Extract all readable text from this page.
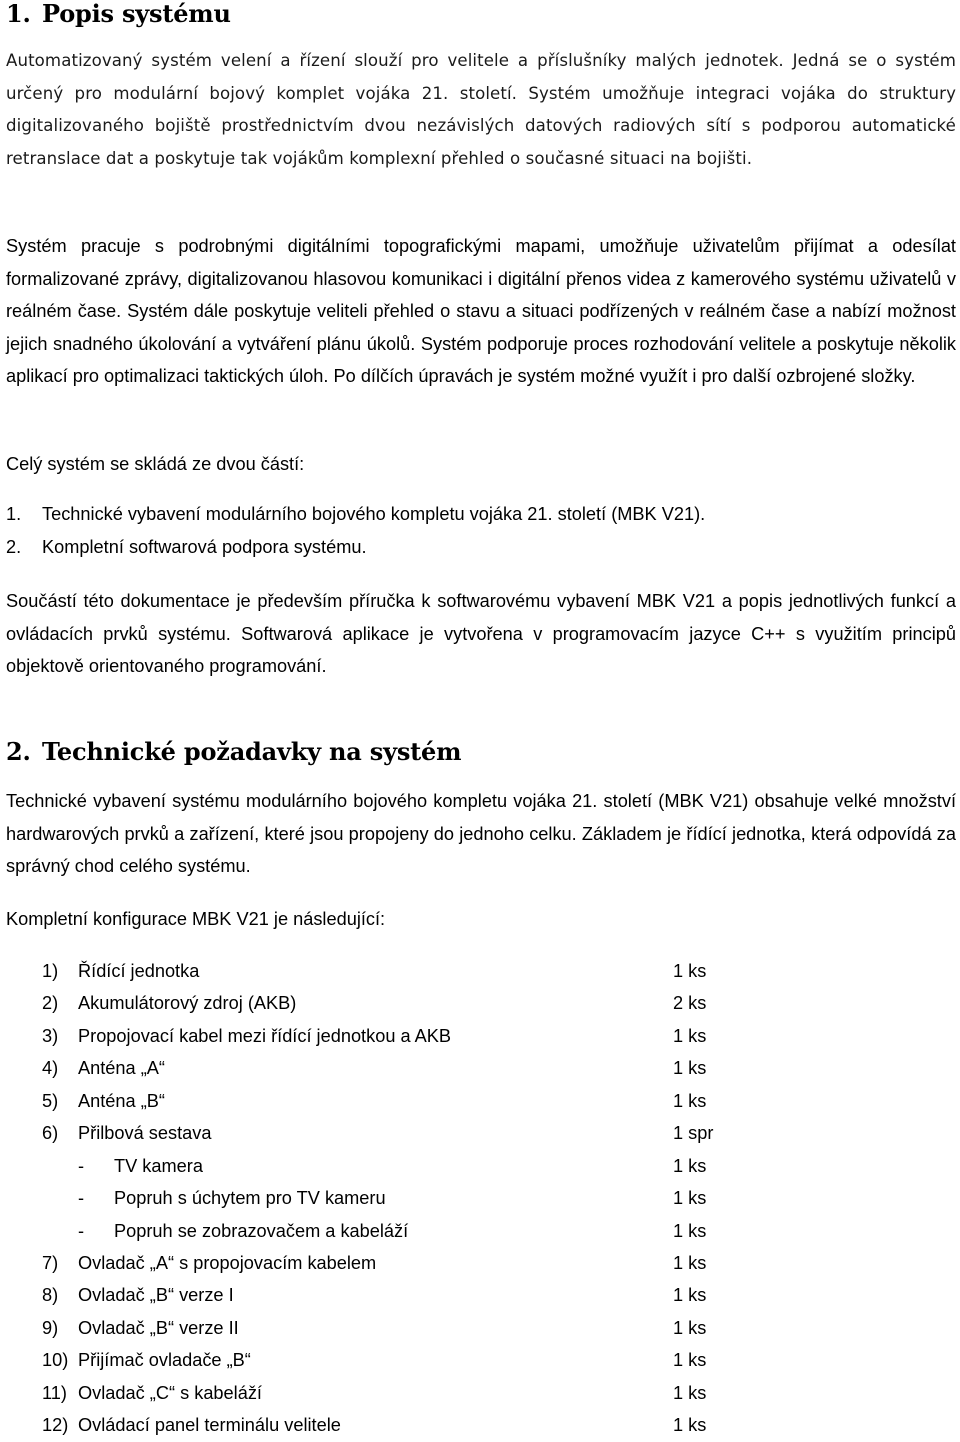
1. Popis systému

Automatizovaný systém velení a řízení slouží pro velitele a příslušníky malých jednotek. Jedná se o systém určený pro modulární bojový komplet vojáka 21. století. Systém umožňuje integraci vojáka do struktury digitalizovaného bojiště prostřednictvím dvou nezávislých datových radiových sítí s podporou automatické retranslace dat a poskytuje tak vojákům komplexní přehled o současné situaci na bojišti.

Systém pracuje s podrobnými digitálními topografickými mapami, umožňuje uživatelům přijímat a odesílat formalizované zprávy, digitalizovanou hlasovou komunikaci i digitální přenos videa z kamerového systému uživatelů v reálném čase. Systém dále poskytuje veliteli přehled o stavu a situaci podřízených v reálném čase a nabízí možnost jejich snadného úkolování a vytváření plánu úkolů. Systém podporuje proces rozhodování velitele a poskytuje několik aplikací pro optimalizaci taktických úloh. Po dílčích úpravách je systém možné využít i pro další ozbrojené složky.

Celý systém se skládá ze dvou částí:

1.	Technické vybavení modulárního bojového kompletu vojáka 21. století (MBK V21).
2.	Kompletní softwarová podpora systému.

Součástí této dokumentace je především příručka k softwarovému vybavení MBK V21 a popis jednotlivých funkcí a ovládacích prvků systému. Softwarová aplikace je vytvořena v programovacím jazyce C++ s využitím principů objektově orientovaného programování.

2. Technické požadavky na systém

Technické vybavení systému modulárního bojového kompletu vojáka 21. století (MBK V21) obsahuje velké množství hardwarových prvků a zařízení, které jsou propojeny do jednoho celku. Základem je řídící jednotka, která odpovídá za správný chod celého systému.

Kompletní konfigurace MBK V21 je následující:

1)	Řídící jednotka	1 ks
2)	Akumulátorový zdroj (AKB)	2 ks
3)	Propojovací kabel mezi řídící jednotkou a AKB	1 ks
4)	Anténa „A“	1 ks
5)	Anténa „B“	1 ks
6)	Přilbová sestava	1 spr
-	TV kamera	1 ks
-	Popruh s úchytem pro TV kameru	1 ks
-	Popruh se zobrazovačem a kabeláží	1 ks
7)	Ovladač „A“ s propojovacím kabelem	1 ks
8)	Ovladač „B“ verze I	1 ks
9)	Ovladač „B“ verze II	1 ks
10) Přijímač ovladače „B“	1 ks
11) Ovladač „C“ s kabeláží	1 ks
12) Ovládací panel terminálu velitele	1 ks
